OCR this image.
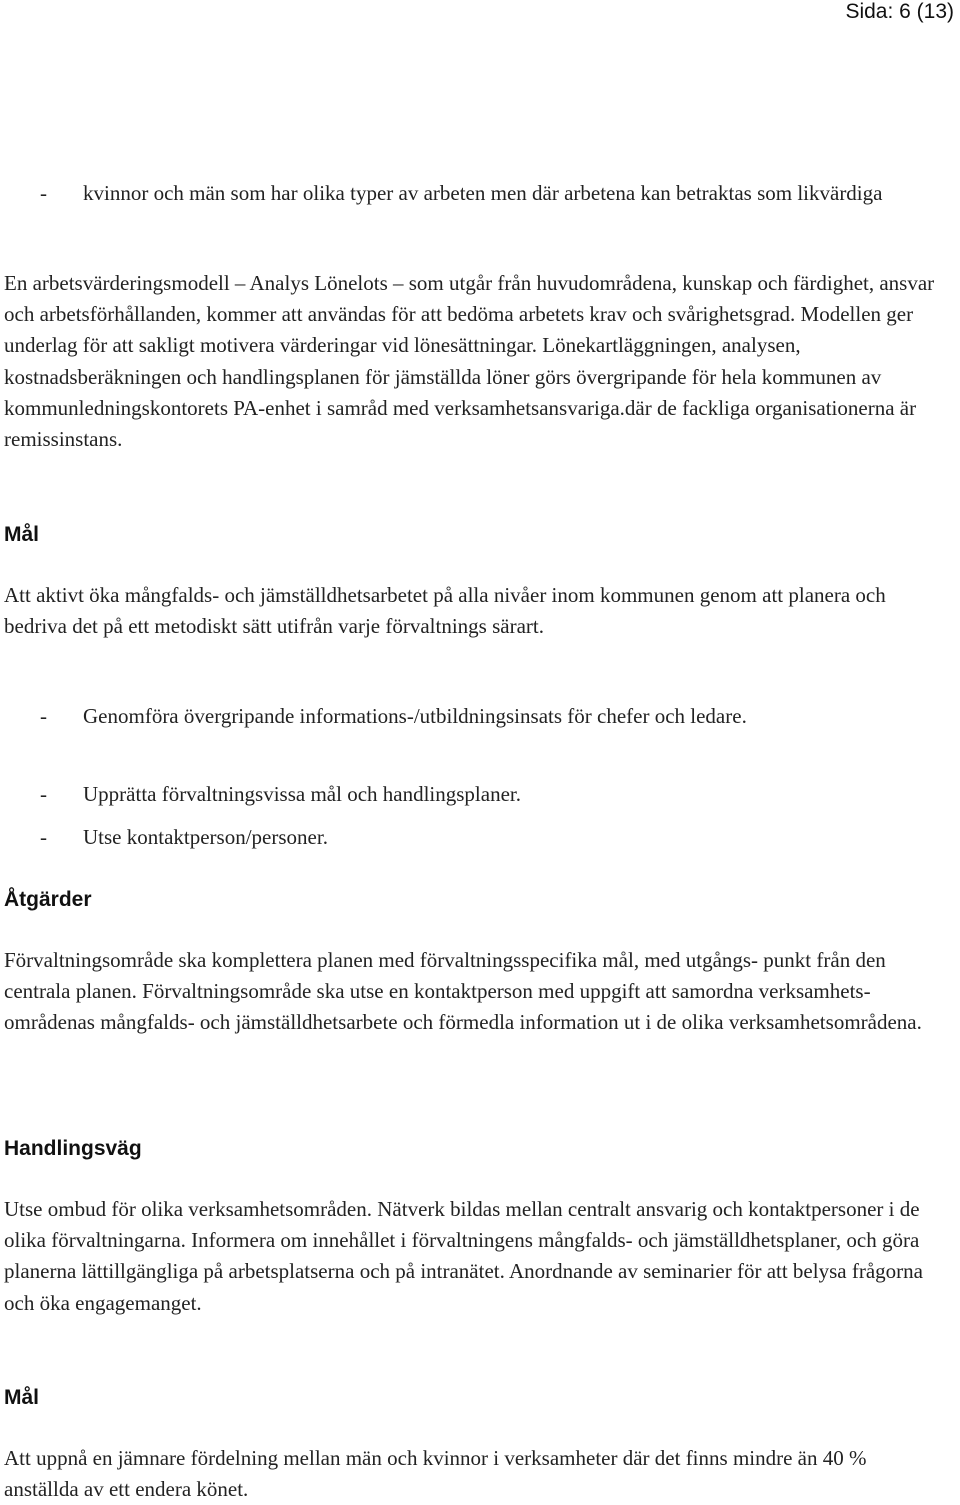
Sida: 6 (13)
- kvinnor och män som har olika typer av arbeten men där arbetena kan betraktas som likvärdiga

En arbetsvärderingsmodell – Analys Lönelots – som utgår från huvudområdena, kunskap och färdighet, ansvar och arbetsförhållanden, kommer att användas för att bedöma arbetets krav och svårighetsgrad. Modellen ger underlag för att sakligt motivera värderingar vid lönesättningar. Lönekartläggningen, analysen, kostnadsberäkningen och handlingsplanen för jämställda löner görs övergripande för hela kommunen av kommunledningskontorets PA-enhet i samråd med verksamhetsansvariga.där de fackliga organisationerna är remissinstans.

Mål

Att aktivt öka mångfalds- och jämställdhetsarbetet på alla nivåer inom kommunen genom att planera och bedriva det på ett metodiskt sätt utifrån varje förvaltnings särart.

- Genomföra övergripande informations-/utbildningsinsats för chefer och ledare.
- Upprätta förvaltningsvissa mål och handlingsplaner.
- Utse kontaktperson/personer.
Åtgärder

Förvaltningsområde ska komplettera planen med förvaltningsspecifika mål, med utgångs- punkt från den centrala planen. Förvaltningsområde ska utse en kontaktperson med uppgift att samordna verksamhets- områdenas mångfalds- och jämställdhetsarbete och förmedla information ut i de olika verksamhetsområdena.

Handlingsväg

Utse ombud för olika verksamhetsområden. Nätverk bildas mellan centralt ansvarig och kontaktpersoner i de olika förvaltningarna. Informera om innehållet i förvaltningens mångfalds- och jämställdhetsplaner, och göra planerna lättillgängliga på arbetsplatserna och på intranätet. Anordnande av seminarier för att belysa frågorna och öka engagemanget.

Mål

Att uppnå en jämnare fördelning mellan män och kvinnor i verksamheter där det finns mindre än 40 % anställda av ett endera könet.
